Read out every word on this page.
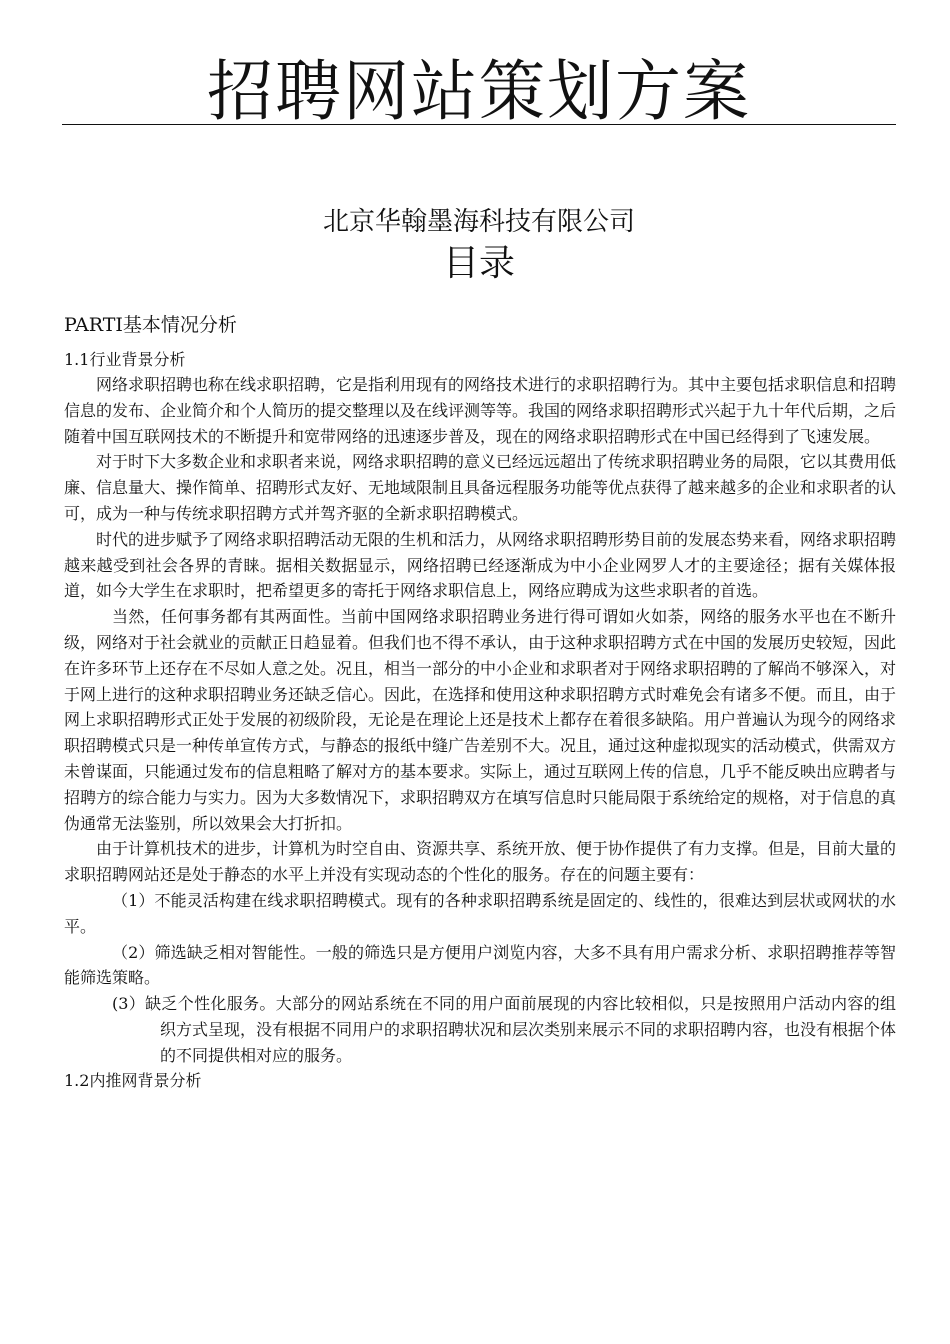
招聘网站策划方案
北京华翰墨海科技有限公司
目录

PARTI基本情况分析

1.1行业背景分析

网络求职招聘也称在线求职招聘，它是指利用现有的网络技术进行的求职招聘行为。其中主要包括求职信息和招聘信息的发布、企业简介和个人简历的提交整理以及在线评测等等。我国的网络求职招聘形式兴起于九十年代后期，之后随着中国互联网技术的不断提升和宽带网络的迅速逐步普及，现在的网络求职招聘形式在中国已经得到了飞速发展。

对于时下大多数企业和求职者来说，网络求职招聘的意义已经远远超出了传统求职招聘业务的局限，它以其费用低廉、信息量大、操作简单、招聘形式友好、无地域限制且具备远程服务功能等优点获得了越来越多的企业和求职者的认可，成为一种与传统求职招聘方式并驾齐驱的全新求职招聘模式。

时代的进步赋予了网络求职招聘活动无限的生机和活力，从网络求职招聘形势目前的发展态势来看，网络求职招聘越来越受到社会各界的青睐。据相关数据显示，网络招聘已经逐渐成为中小企业网罗人才的主要途径；据有关媒体报道，如今大学生在求职时，把希望更多的寄托于网络求职信息上，网络应聘成为这些求职者的首选。

当然，任何事务都有其两面性。当前中国网络求职招聘业务进行得可谓如火如荼，网络的服务水平也在不断升级，网络对于社会就业的贡献正日趋显着。但我们也不得不承认，由于这种求职招聘方式在中国的发展历史较短，因此在许多环节上还存在不尽如人意之处。况且，相当一部分的中小企业和求职者对于网络求职招聘的了解尚不够深入，对于网上进行的这种求职招聘业务还缺乏信心。因此，在选择和使用这种求职招聘方式时难免会有诸多不便。而且，由于网上求职招聘形式正处于发展的初级阶段，无论是在理论上还是技术上都存在着很多缺陷。用户普遍认为现今的网络求职招聘模式只是一种传单宣传方式，与静态的报纸中缝广告差别不大。况且，通过这种虚拟现实的活动模式，供需双方未曾谋面，只能通过发布的信息粗略了解对方的基本要求。实际上，通过互联网上传的信息，几乎不能反映出应聘者与招聘方的综合能力与实力。因为大多数情况下，求职招聘双方在填写信息时只能局限于系统给定的规格，对于信息的真伪通常无法鉴别，所以效果会大打折扣。

由于计算机技术的进步，计算机为时空自由、资源共享、系统开放、便于协作提供了有力支撑。但是，目前大量的求职招聘网站还是处于静态的水平上并没有实现动态的个性化的服务。存在的问题主要有：

（1）不能灵活构建在线求职招聘模式。现有的各种求职招聘系统是固定的、线性的，很难达到层状或网状的水平。

（2）筛选缺乏相对智能性。一般的筛选只是方便用户浏览内容，大多不具有用户需求分析、求职招聘推荐等智能筛选策略。

(3）缺乏个性化服务。大部分的网站系统在不同的用户面前展现的内容比较相似，只是按照用户活动内容的组织方式呈现，没有根据不同用户的求职招聘状况和层次类别来展示不同的求职招聘内容，也没有根据个体的不同提供相对应的服务。

1.2内推网背景分析
